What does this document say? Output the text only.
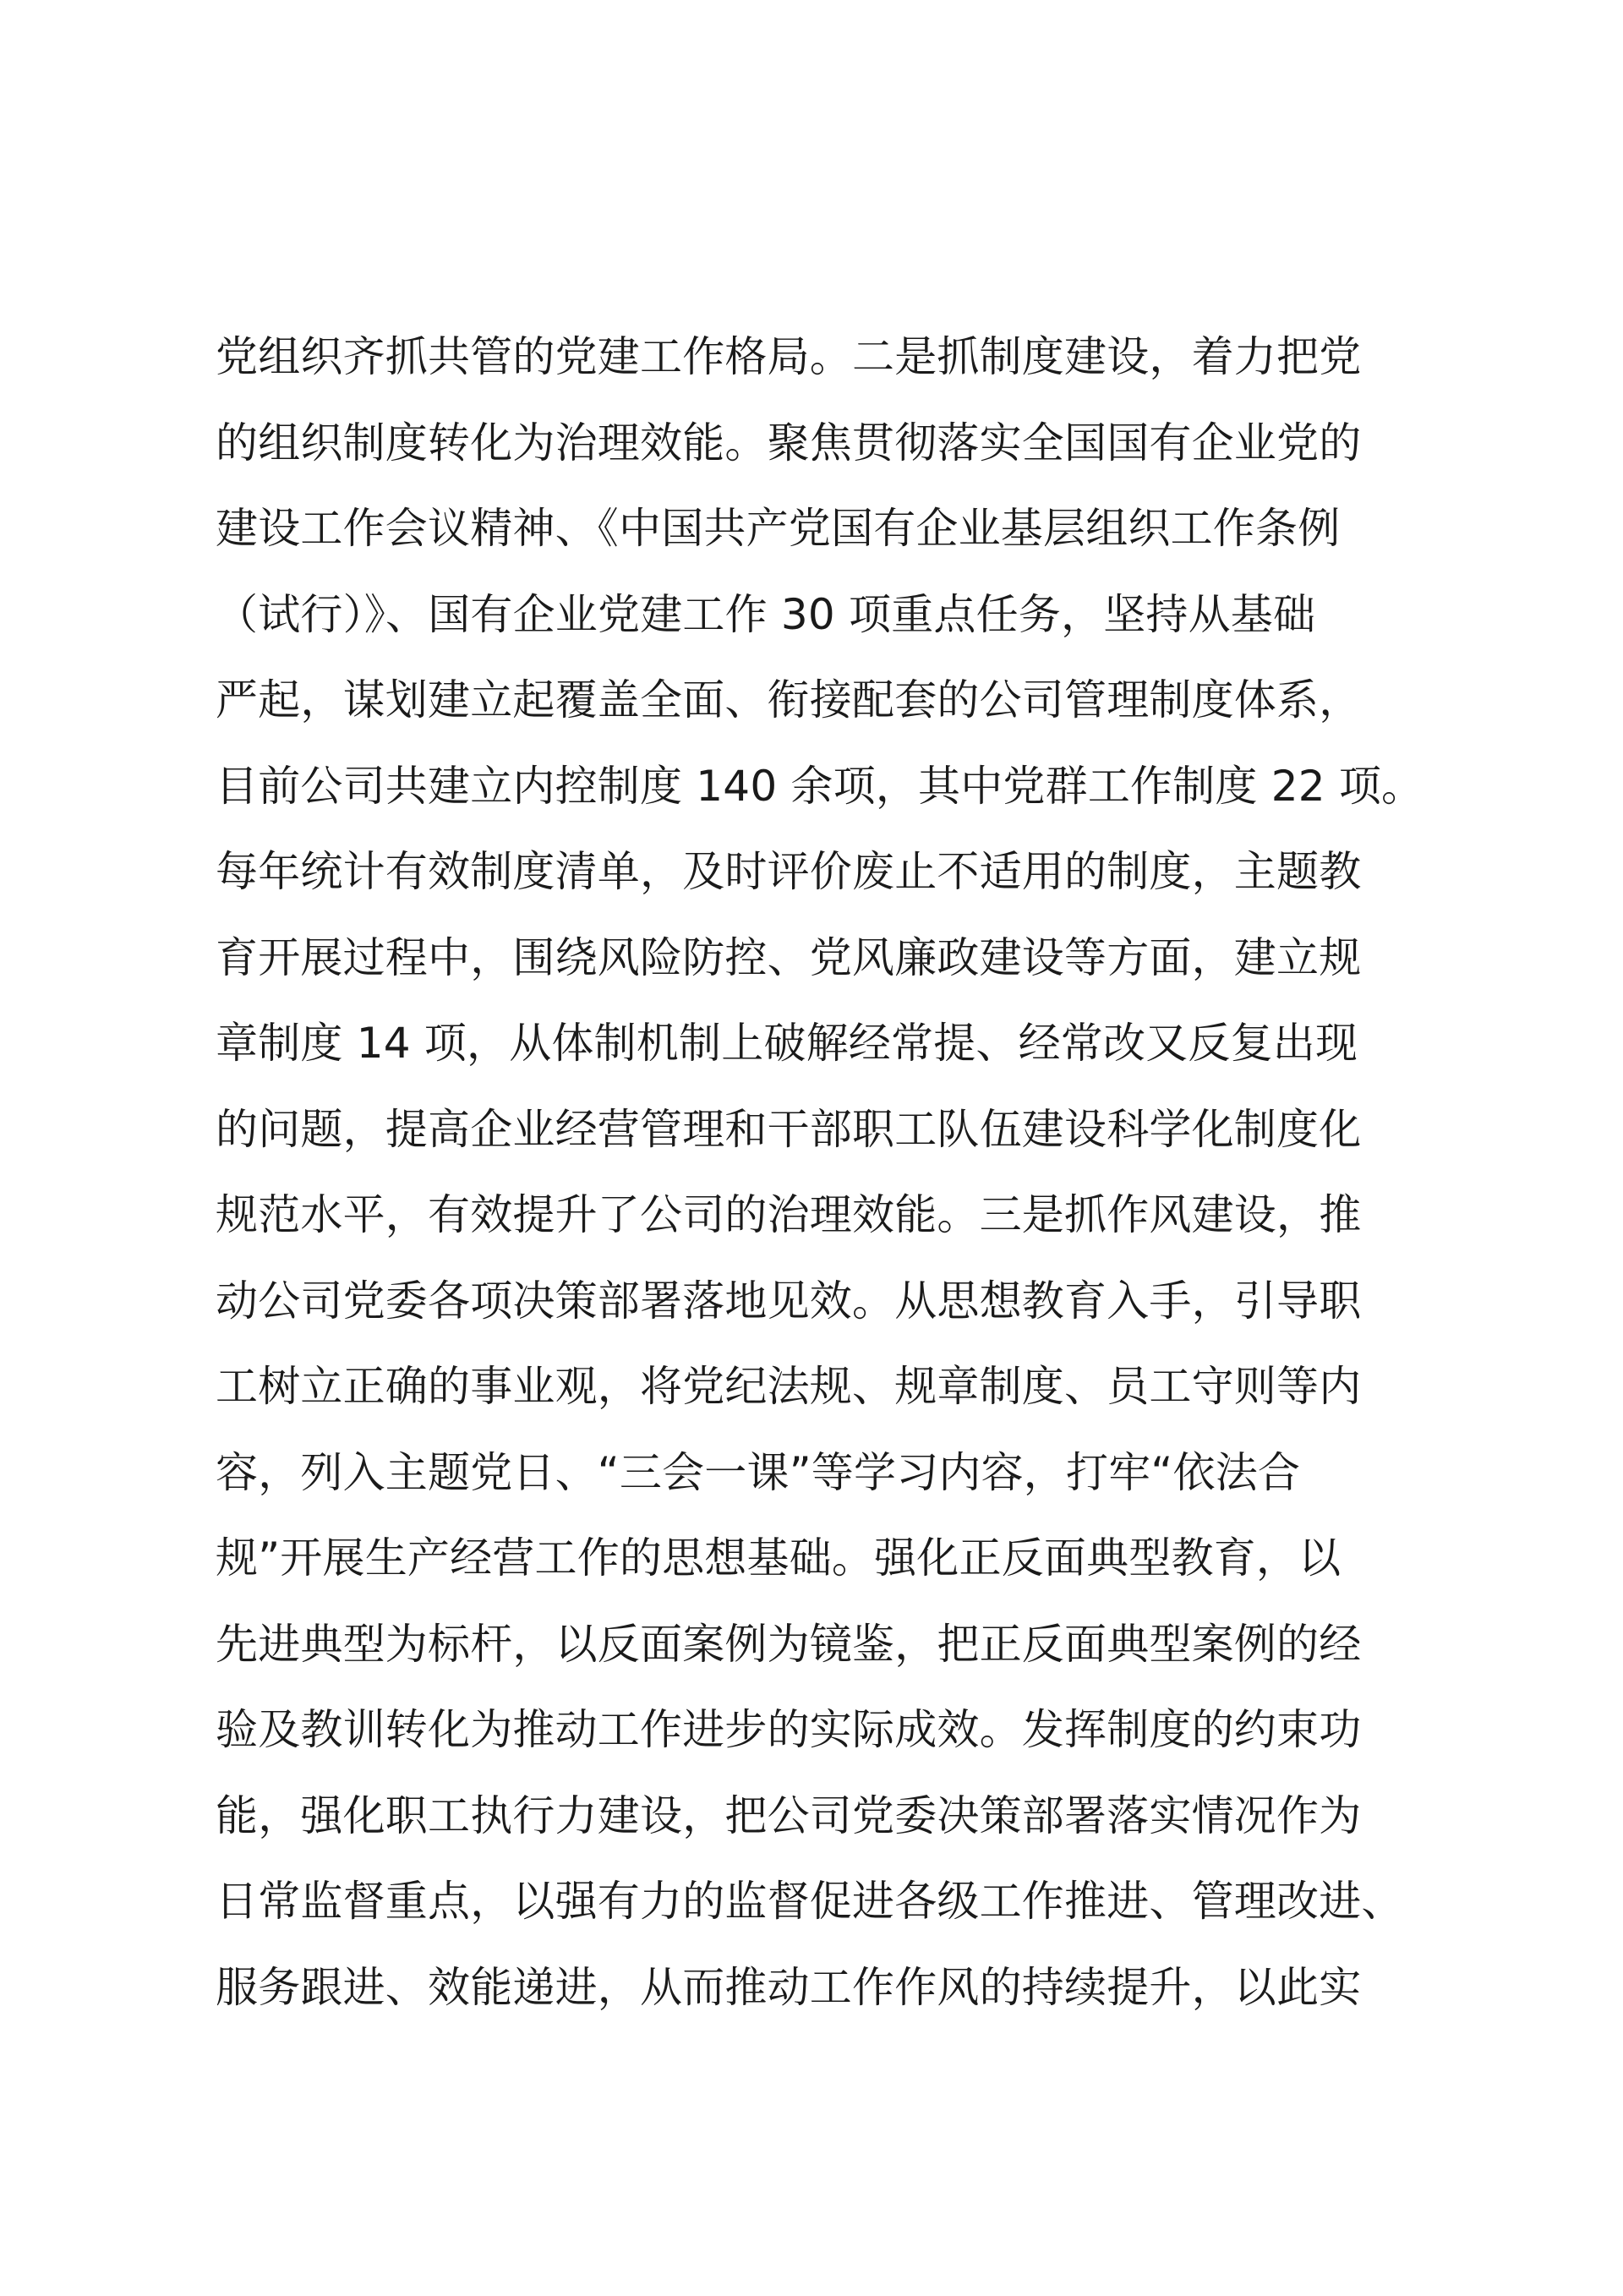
党组织齐抓共管的党建工作格局。二是抓制度建设，着力把党
的组织制度转化为治理效能。聚焦贯彻落实全国国有企业党的
建设工作会议精神、《中国共产党国有企业基层组织工作条例
（试行）》、国有企业党建工作 30 项重点任务，坚持从基础
严起，谋划建立起覆盖全面、衔接配套的公司管理制度体系，
目前公司共建立内控制度 140 余项，其中党群工作制度 22 项。
每年统计有效制度清单，及时评价废止不适用的制度，主题教
育开展过程中，围绕风险防控、党风廉政建设等方面，建立规
章制度 14 项，从体制机制上破解经常提、经常改又反复出现
的问题，提高企业经营管理和干部职工队伍建设科学化制度化
规范水平，有效提升了公司的治理效能。三是抓作风建设，推
动公司党委各项决策部署落地见效。从思想教育入手，引导职
工树立正确的事业观，将党纪法规、规章制度、员工守则等内
容，列入主题党日、“三会一课”等学习内容，打牢“依法合
规”开展生产经营工作的思想基础。强化正反面典型教育，以
先进典型为标杆，以反面案例为镜鉴，把正反面典型案例的经
验及教训转化为推动工作进步的实际成效。发挥制度的约束功
能，强化职工执行力建设，把公司党委决策部署落实情况作为
日常监督重点，以强有力的监督促进各级工作推进、管理改进、
服务跟进、效能递进，从而推动工作作风的持续提升，以此实
